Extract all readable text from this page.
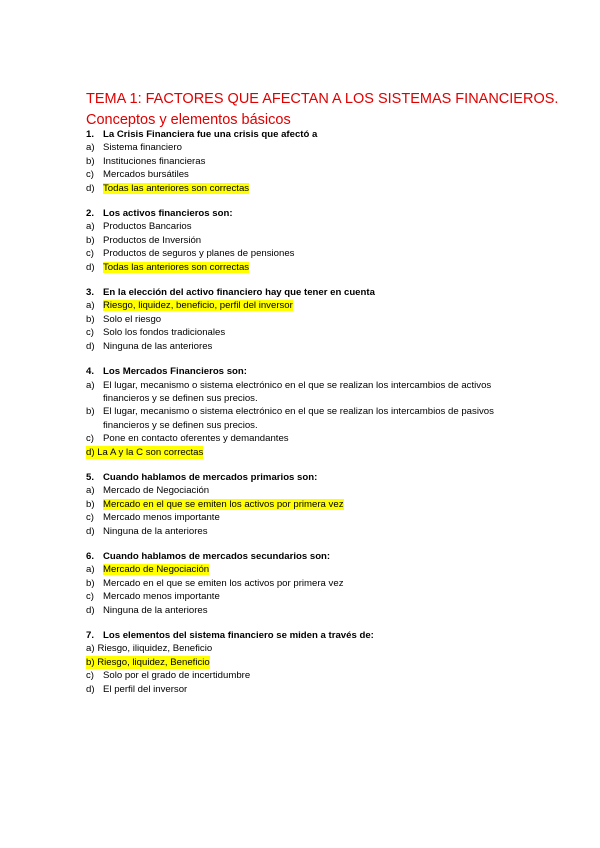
TEMA 1: FACTORES QUE AFECTAN A LOS SISTEMAS FINANCIEROS.
Conceptos y elementos básicos
1. La Crisis Financiera fue una crisis que afectó a
a) Sistema financiero
b) Instituciones financieras
c) Mercados bursátiles
d) Todas las anteriores son correctas
2. Los activos financieros son:
a) Productos Bancarios
b) Productos de Inversión
c) Productos de seguros y planes de pensiones
d) Todas las anteriores son correctas
3. En la elección del activo financiero hay que tener en cuenta
a) Riesgo, liquidez, beneficio, perfil del inversor
b) Solo el riesgo
c) Solo los fondos tradicionales
d) Ninguna de las anteriores
4. Los Mercados Financieros son:
a) El lugar, mecanismo o sistema electrónico en el que se realizan los intercambios de activos financieros y se definen sus precios.
b) El lugar, mecanismo o sistema electrónico en el que se realizan los intercambios de pasivos financieros y se definen sus precios.
c) Pone en contacto oferentes y demandantes
d) La A y la C son correctas
5. Cuando hablamos de mercados primarios son:
a) Mercado de Negociación
b) Mercado en el que se emiten los activos por primera vez
c) Mercado menos importante
d) Ninguna de la anteriores
6. Cuando hablamos de mercados secundarios son:
a) Mercado de Negociación
b) Mercado en el que se emiten los activos por primera vez
c) Mercado menos importante
d) Ninguna de la anteriores
7. Los elementos del sistema financiero se miden a través de:
a) Riesgo, iliquidez, Beneficio
b) Riesgo, liquidez, Beneficio
c) Solo por el grado de incertidumbre
d) El perfil del inversor
